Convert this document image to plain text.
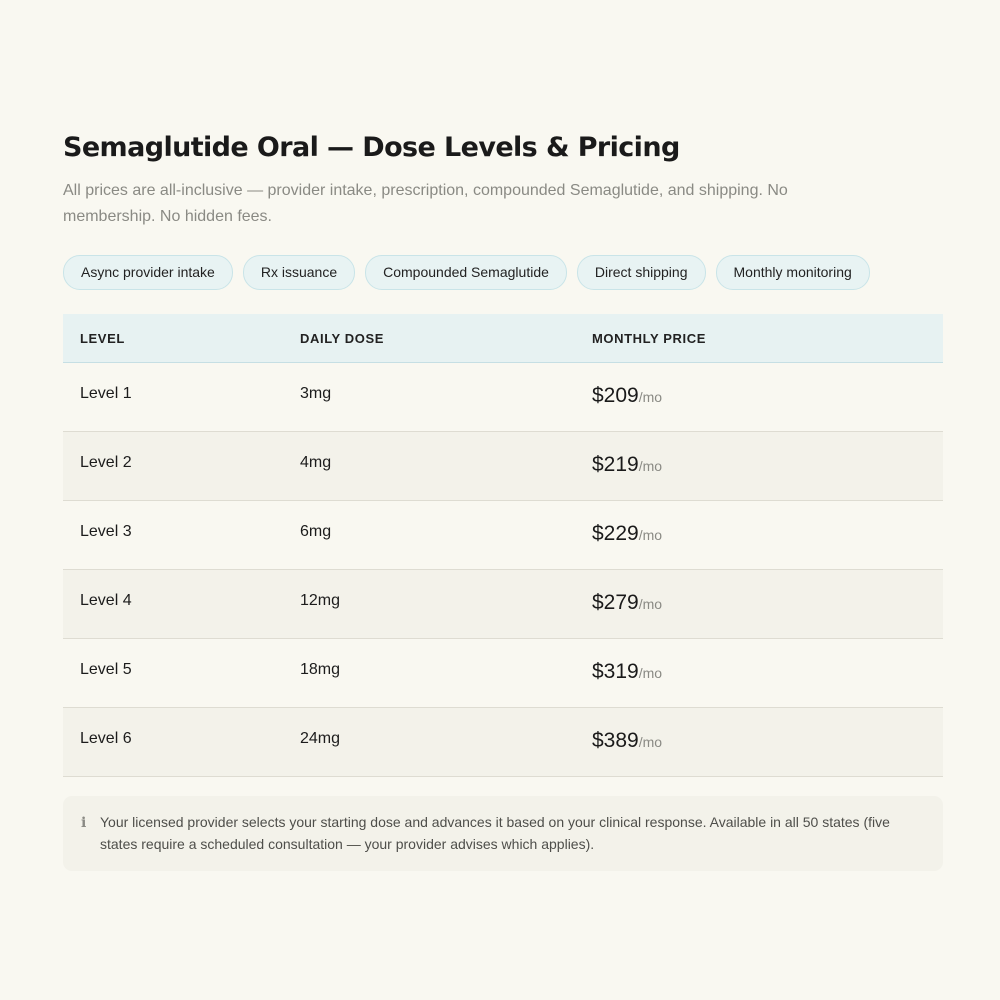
Semaglutide Oral — Dose Levels & Pricing
All prices are all-inclusive — provider intake, prescription, compounded Semaglutide, and shipping. No membership. No hidden fees.
Async provider intake	Rx issuance	Compounded Semaglutide	Direct shipping	Monthly monitoring
LEVEL	DAILY DOSE	MONTHLY PRICE
Level 1	3mg	$209/mo
Level 2	4mg	$219/mo
Level 3	6mg	$229/mo
Level 4	12mg	$279/mo
Level 5	18mg	$319/mo
Level 6	24mg	$389/mo
i Your licensed provider selects your starting dose and advances it based on your clinical response. Available in all 50 states (five states require a scheduled consultation — your provider advises which applies).
